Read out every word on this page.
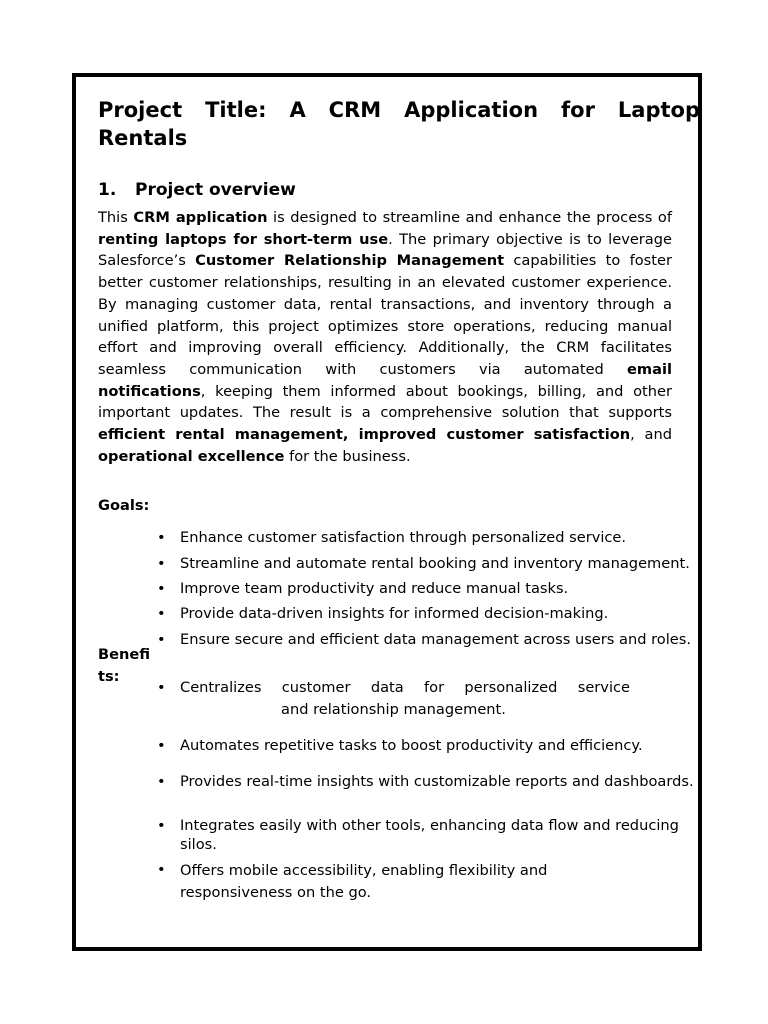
Project Title: A CRM Application for Laptop Rentals
1. Project overview

This CRM application is designed to streamline and enhance the process of renting laptops for short-term use. The primary objective is to leverage Salesforce’s Customer Relationship Management capabilities to foster better customer relationships, resulting in an elevated customer experience. By managing customer data, rental transactions, and inventory through a unified platform, this project optimizes store operations, reducing manual effort and improving overall efficiency. Additionally, the CRM facilitates seamless communication with customers via automated email notifications, keeping them informed about bookings, billing, and other important updates. The result is a comprehensive solution that supports efficient rental management, improved customer satisfaction, and operational excellence for the business.

Goals:
• Enhance customer satisfaction through personalized service.
• Streamline and automate rental booking and inventory management.
• Improve team productivity and reduce manual tasks.
• Provide data-driven insights for informed decision-making.
• Ensure secure and efficient data management across users and roles.
Benefits:
• Centralizes customer data for personalized service
and relationship management.
• Automates repetitive tasks to boost productivity and efficiency.
• Provides real-time insights with customizable reports and dashboards.
• Integrates easily with other tools, enhancing data flow and reducing silos.
• Offers mobile accessibility, enabling flexibility and responsiveness on the go.
